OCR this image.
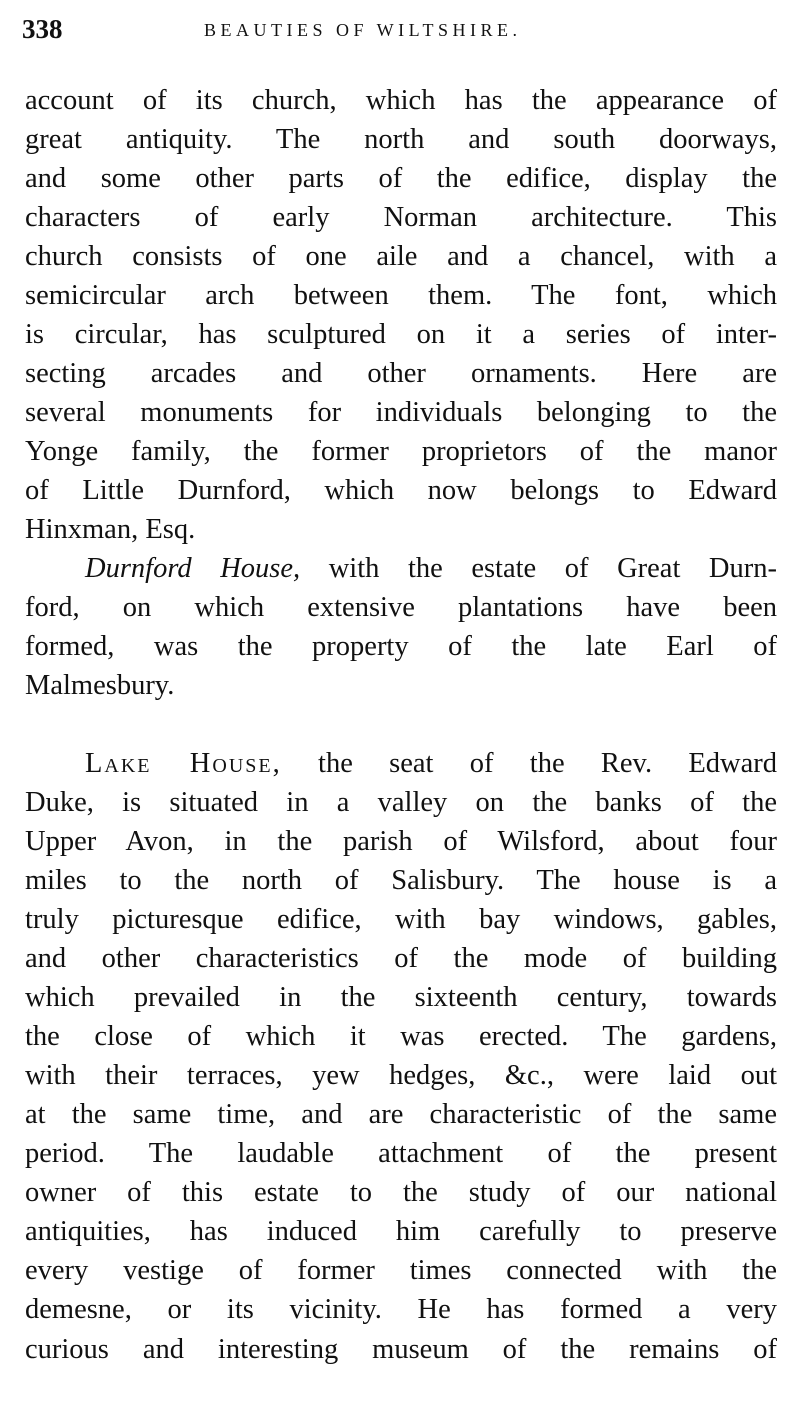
338	BEAUTIES OF WILTSHIRE.
account of its church, which has the appearance of
great antiquity. The north and south doorways,
and some other parts of the edifice, display the
characters of early Norman architecture. This
church consists of one aile and a chancel, with a
semicircular arch between them. The font, which
is circular, has sculptured on it a series of inter-
secting arcades and other ornaments. Here are
several monuments for individuals belonging to the
Yonge family, the former proprietors of the manor
of Little Durnford, which now belongs to Edward
Hinxman, Esq.
Durnford House, with the estate of Great Durn-
ford, on which extensive plantations have been
formed, was the property of the late Earl of
Malmesbury.
Lake House, the seat of the Rev. Edward
Duke, is situated in a valley on the banks of the
Upper Avon, in the parish of Wilsford, about four
miles to the north of Salisbury. The house is a
truly picturesque edifice, with bay windows, gables,
and other characteristics of the mode of building
which prevailed in the sixteenth century, towards
the close of which it was erected. The gardens,
with their terraces, yew hedges, &c., were laid out
at the same time, and are characteristic of the same
period. The laudable attachment of the present
owner of this estate to the study of our national
antiquities, has induced him carefully to preserve
every vestige of former times connected with the
demesne, or its vicinity. He has formed a very
curious and interesting museum of the remains of
